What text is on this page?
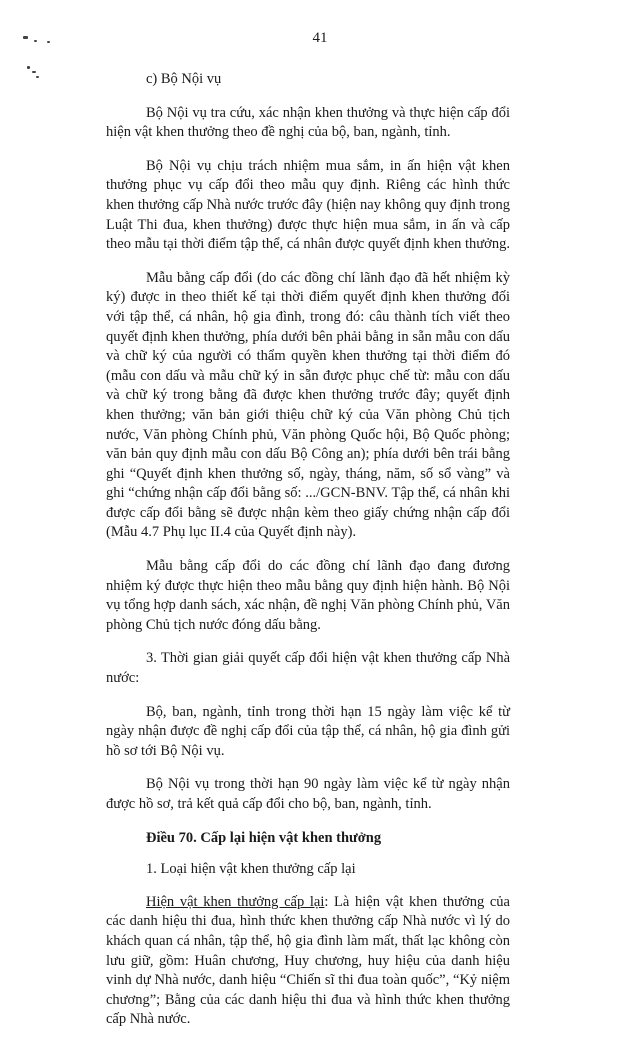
41

c) Bộ Nội vụ

Bộ Nội vụ tra cứu, xác nhận khen thưởng và thực hiện cấp đổi hiện vật khen thưởng theo đề nghị của bộ, ban, ngành, tỉnh.

Bộ Nội vụ chịu trách nhiệm mua sắm, in ấn hiện vật khen thưởng phục vụ cấp đổi theo mẫu quy định. Riêng các hình thức khen thưởng cấp Nhà nước trước đây (hiện nay không quy định trong Luật Thi đua, khen thưởng) được thực hiện mua sắm, in ấn và cấp theo mẫu tại thời điểm tập thể, cá nhân được quyết định khen thưởng.

Mẫu bằng cấp đổi (do các đồng chí lãnh đạo đã hết nhiệm kỳ ký) được in theo thiết kế tại thời điểm quyết định khen thưởng đối với tập thể, cá nhân, hộ gia đình, trong đó: câu thành tích viết theo quyết định khen thưởng, phía dưới bên phải bằng in sẵn mẫu con dấu và chữ ký của người có thẩm quyền khen thưởng tại thời điểm đó (mẫu con dấu và mẫu chữ ký in sẵn được phục chế từ: mẫu con dấu và chữ ký trong bằng đã được khen thưởng trước đây; quyết định khen thưởng; văn bản giới thiệu chữ ký của Văn phòng Chủ tịch nước, Văn phòng Chính phủ, Văn phòng Quốc hội, Bộ Quốc phòng; văn bản quy định mẫu con dấu Bộ Công an); phía dưới bên trái bằng ghi “Quyết định khen thưởng số, ngày, tháng, năm, số sổ vàng” và ghi “chứng nhận cấp đổi bằng số: .../GCN-BNV. Tập thể, cá nhân khi được cấp đổi bằng sẽ được nhận kèm theo giấy chứng nhận cấp đổi (Mẫu 4.7 Phụ lục II.4 của Quyết định này).

Mẫu bằng cấp đổi do các đồng chí lãnh đạo đang đương nhiệm ký được thực hiện theo mẫu bằng quy định hiện hành. Bộ Nội vụ tổng hợp danh sách, xác nhận, đề nghị Văn phòng Chính phủ, Văn phòng Chủ tịch nước đóng dấu bằng.

3. Thời gian giải quyết cấp đổi hiện vật khen thưởng cấp Nhà nước:

Bộ, ban, ngành, tỉnh trong thời hạn 15 ngày làm việc kể từ ngày nhận được đề nghị cấp đổi của tập thể, cá nhân, hộ gia đình gửi hồ sơ tới Bộ Nội vụ.

Bộ Nội vụ trong thời hạn 90 ngày làm việc kể từ ngày nhận được hồ sơ, trả kết quả cấp đổi cho bộ, ban, ngành, tỉnh.

Điều 70. Cấp lại hiện vật khen thưởng

1. Loại hiện vật khen thưởng cấp lại

Hiện vật khen thưởng cấp lại: Là hiện vật khen thưởng của các danh hiệu thi đua, hình thức khen thưởng cấp Nhà nước vì lý do khách quan cá nhân, tập thể, hộ gia đình làm mất, thất lạc không còn lưu giữ, gồm: Huân chương, Huy chương, huy hiệu của danh hiệu vinh dự Nhà nước, danh hiệu “Chiến sĩ thi đua toàn quốc”, “Kỷ niệm chương”; Bằng của các danh hiệu thi đua và hình thức khen thưởng cấp Nhà nước.
